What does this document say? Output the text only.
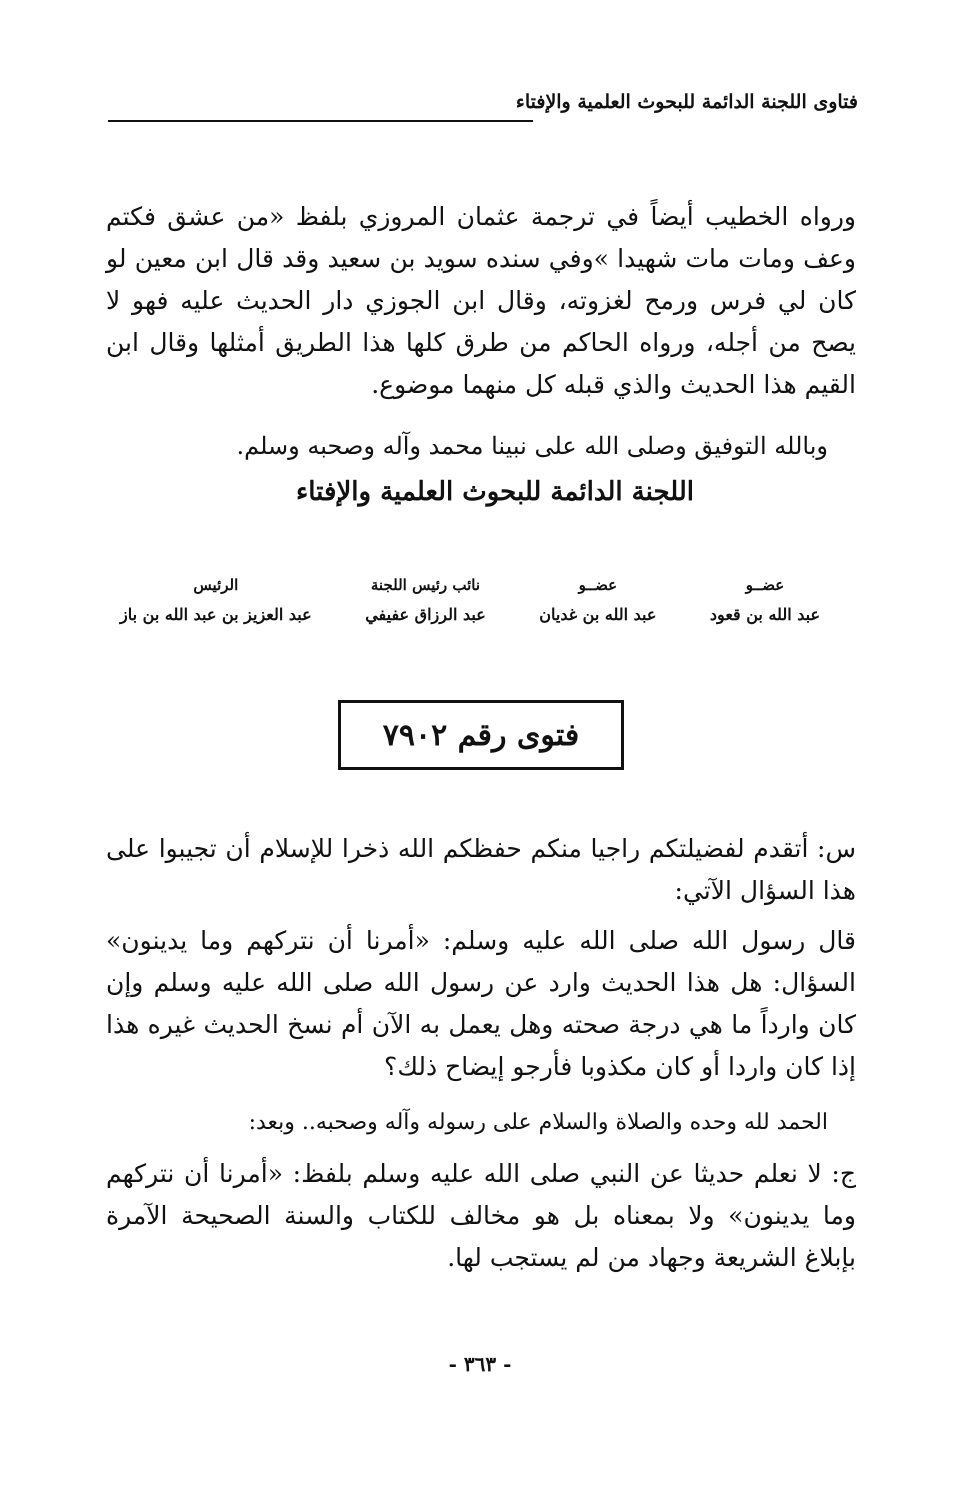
فتاوى اللجنة الدائمة للبحوث العلمية والإفتاء

ورواه الخطيب أيضاً في ترجمة عثمان المروزي بلفظ «من عشق فكتم وعف ومات مات شهيدا »وفي سنده سويد بن سعيد وقد قال ابن معين لو كان لي فرس ورمح لغزوته، وقال ابن الجوزي دار الحديث عليه فهو لا يصح من أجله، ورواه الحاكم من طرق كلها هذا الطريق أمثلها وقال ابن القيم هذا الحديث والذي قبله كل منهما موضوع.

وبالله التوفيق وصلى الله على نبينا محمد وآله وصحبه وسلم.

اللجنة الدائمة للبحوث العلمية والإفتاء
عضــو
عبد الله بن قعود
عضــو
عبد الله بن غديان
نائب رئيس اللجنة
عبد الرزاق عفيفي
الرئيس
عبد العزيز بن عبد الله بن باز
فتوى رقم ٧٩٠٢

س: أتقدم لفضيلتكم راجيا منكم حفظكم الله ذخرا للإسلام أن تجيبوا على هذا السؤال الآتي:

قال رسول الله صلى الله عليه وسلم: «أمرنا أن نتركهم وما يدينون» السؤال: هل هذا الحديث وارد عن رسول الله صلى الله عليه وسلم وإن كان وارداً ما هي درجة صحته وهل يعمل به الآن أم نسخ الحديث غيره هذا إذا كان واردا أو كان مكذوبا فأرجو إيضاح ذلك؟

الحمد لله وحده والصلاة والسلام على رسوله وآله وصحبه.. وبعد:

ج: لا نعلم حديثا عن النبي صلى الله عليه وسلم بلفظ: «أمرنا أن نتركهم وما يدينون» ولا بمعناه بل هو مخالف للكتاب والسنة الصحيحة الآمرة بإبلاغ الشريعة وجهاد من لم يستجب لها.

- ٣٦٣ -
